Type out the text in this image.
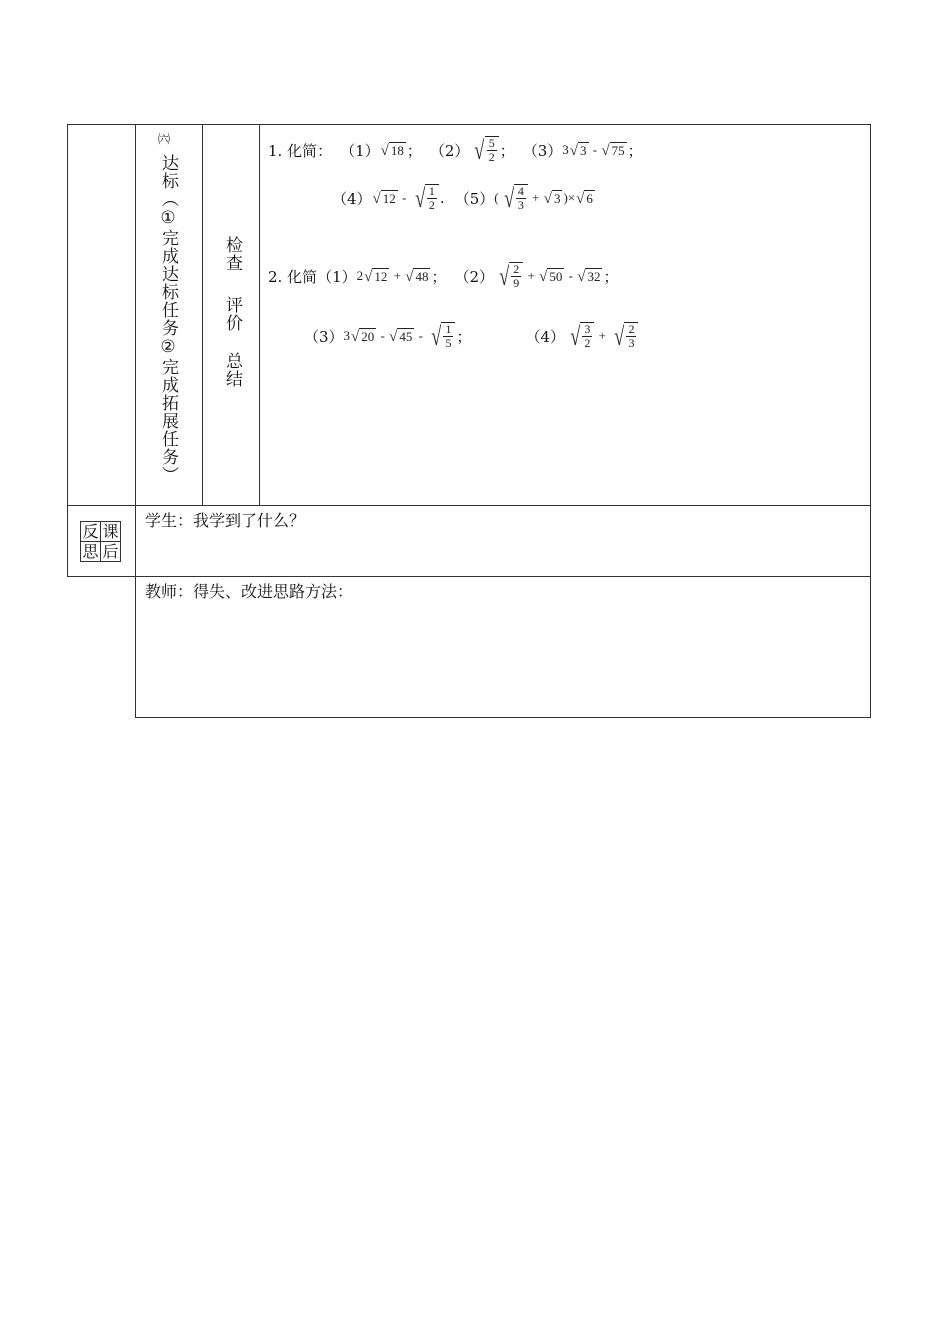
㈥
达标（①完成达标任务②完成拓展任务）	检查
评价
总结
1. 化简： （1） √ 18 ； （2） √ $\frac{5}{2}$ ； （3） 3 √ 3 - √ 75 ；
（4） √ 12 - √ $\frac{1}{2}$ . （5） ( √ $\frac{4}{3}$ + √ 3 )× √ 6
2. 化简 （1） 2 √ 12 + √ 48 ； （2） √ $\frac{2}{9}$ + √ 50 - √ 32 ；
（3） 3 √ 20 - √ 45 - √ $\frac{1}{5}$ ；	（4） √ $\frac{3}{2}$ + √ $\frac{2}{3}$
反 课
思 后
学生：我学到了什么？
教师：得失、改进思路方法：
